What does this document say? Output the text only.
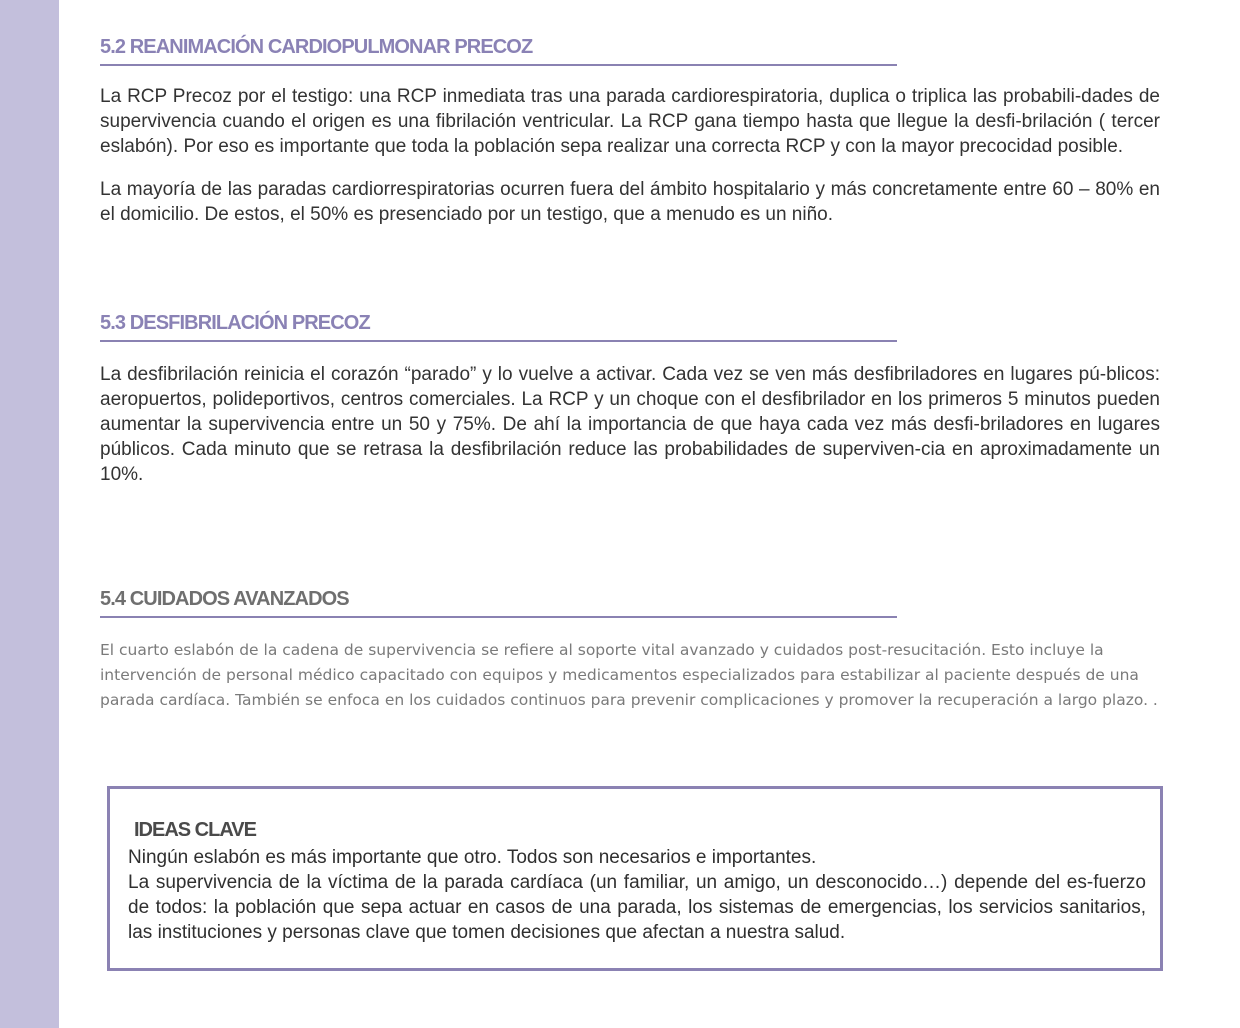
5.2 REANIMACIÓN CARDIOPULMONAR PRECOZ

La RCP Precoz por el testigo: una RCP inmediata tras una parada cardiorespiratoria, duplica o triplica las probabili-dades de supervivencia cuando el origen es una fibrilación ventricular. La RCP gana tiempo hasta que llegue la desfi-brilación ( tercer eslabón). Por eso es importante que toda la población sepa realizar una correcta RCP y con la mayor precocidad posible.

La mayoría de las paradas cardiorrespiratorias ocurren fuera del ámbito hospitalario y más concretamente entre 60 – 80% en el domicilio. De estos, el 50% es presenciado por un testigo, que a menudo es un niño.

5.3 DESFIBRILACIÓN PRECOZ

La desfibrilación reinicia el corazón “parado” y lo vuelve a activar. Cada vez se ven más desfibriladores en lugares pú-blicos: aeropuertos, polideportivos, centros comerciales. La RCP y un choque con el desfibrilador en los primeros 5 minutos pueden aumentar la supervivencia entre un 50 y 75%. De ahí la importancia de que haya cada vez más desfi-briladores en lugares públicos. Cada minuto que se retrasa la desfibrilación reduce las probabilidades de superviven-cia en aproximadamente un 10%.

5.4 CUIDADOS AVANZADOS

El cuarto eslabón de la cadena de supervivencia se refiere al soporte vital avanzado y cuidados post-resucitación. Esto incluye la intervención de personal médico capacitado con equipos y medicamentos especializados para estabilizar al paciente después de una parada cardíaca. También se enfoca en los cuidados continuos para prevenir complicaciones y promover la recuperación a largo plazo. .

IDEAS CLAVE

Ningún eslabón es más importante que otro. Todos son necesarios e importantes.

La supervivencia de la víctima de la parada cardíaca (un familiar, un amigo, un desconocido…) depende del es-fuerzo de todos: la población que sepa actuar en casos de una parada, los sistemas de emergencias, los servicios sanitarios, las instituciones y personas clave que tomen decisiones que afectan a nuestra salud.
